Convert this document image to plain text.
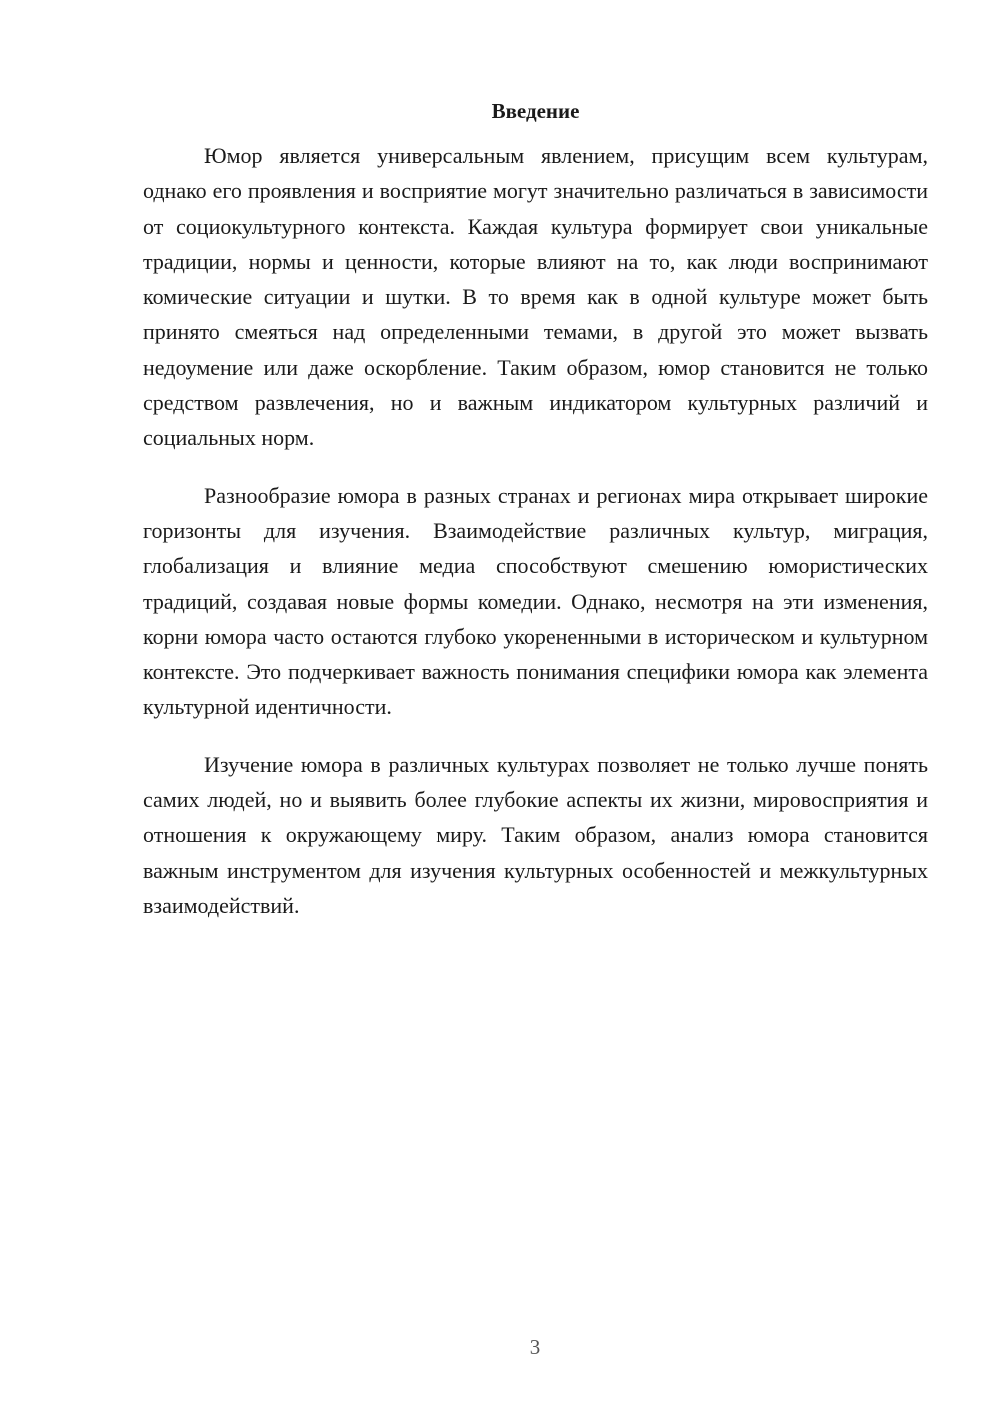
Введение

Юмор является универсальным явлением, присущим всем культурам, однако его проявления и восприятие могут значительно различаться в зависимости от социокультурного контекста. Каждая культура формирует свои уникальные традиции, нормы и ценности, которые влияют на то, как люди воспринимают комические ситуации и шутки. В то время как в одной культуре может быть принято смеяться над определенными темами, в другой это может вызвать недоумение или даже оскорбление. Таким образом, юмор становится не только средством развлечения, но и важным индикатором культурных различий и социальных норм.

Разнообразие юмора в разных странах и регионах мира открывает широкие горизонты для изучения. Взаимодействие различных культур, миграция, глобализация и влияние медиа способствуют смешению юмористических традиций, создавая новые формы комедии. Однако, несмотря на эти изменения, корни юмора часто остаются глубоко укорененными в историческом и культурном контексте. Это подчеркивает важность понимания специфики юмора как элемента культурной идентичности.

Изучение юмора в различных культурах позволяет не только лучше понять самих людей, но и выявить более глубокие аспекты их жизни, мировосприятия и отношения к окружающему миру. Таким образом, анализ юмора становится важным инструментом для изучения культурных особенностей и межкультурных взаимодействий.

3
